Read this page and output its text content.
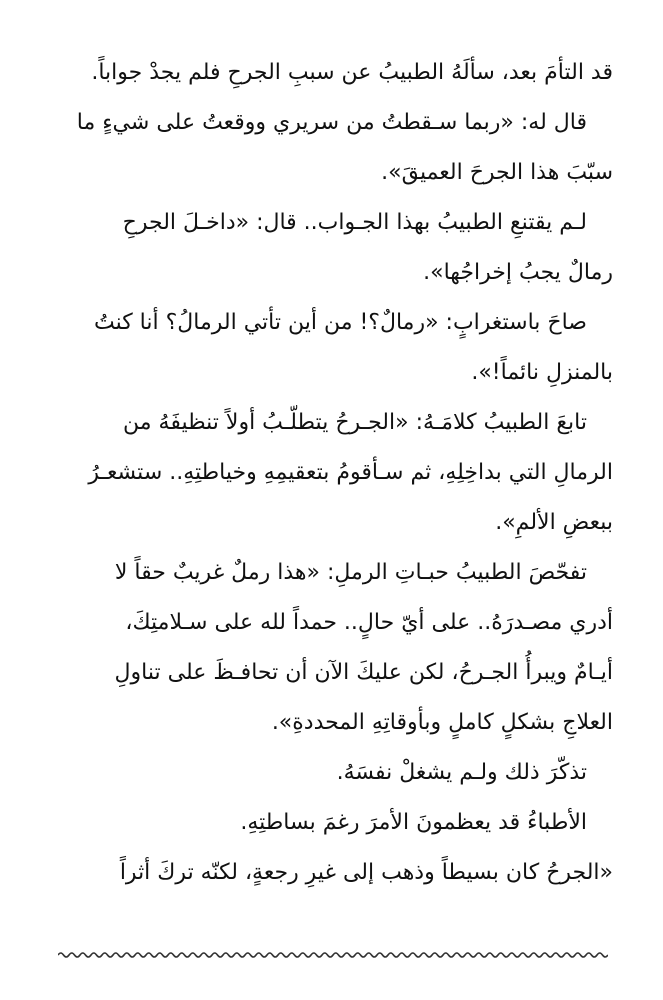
قد التأمَ بعد، سألَهُ الطبيبُ عن سببِ الجرحِ فلم يجدْ جواباً.

قال له: «ربما سـقطتُ من سريري ووقعتُ على شيءٍ ما

سبّبَ هذا الجرحَ العميقَ».

لـم يقتنعِ الطبيبُ بهذا الجـواب.. قال: «داخـلَ الجرحِ

رمالٌ يجبُ إخراجُها».

صاحَ باستغرابٍ: «رمالٌ؟! من أين تأتي الرمالُ؟ أنا كنتُ

بالمنزلِ نائماً!».

تابعَ الطبيبُ كلامَـهُ: «الجـرحُ يتطلّـبُ أولاً تنظيفَهُ من

الرمالِ التي بداخِلِهِ، ثم سـأقومُ بتعقيمِهِ وخياطتِهِ.. ستشعـرُ

ببعضِ الألمِ».

تفحّصَ الطبيبُ حبـاتِ الرملِ: «هذا رملٌ غريبٌ حقاً لا

أدري مصـدرَهُ.. على أيّ حالٍ.. حمداً لله على سـلامتِكَ،

أيـامٌ ويبرأُ الجـرحُ، لكن عليكَ الآن أن تحافـظَ على تناولِ

العلاجِ بشكلٍ كاملٍ وبأوقاتِهِ المحددةِ».

تذكّرَ ذلك ولـم يشغلْ نفسَهُ.

الأطباءُ قد يعظمونَ الأمرَ رغمَ بساطتِهِ.

«الجرحُ كان بسيطاً وذهب إلى غيرِ رجعةٍ، لكنّه تركَ أثراً
